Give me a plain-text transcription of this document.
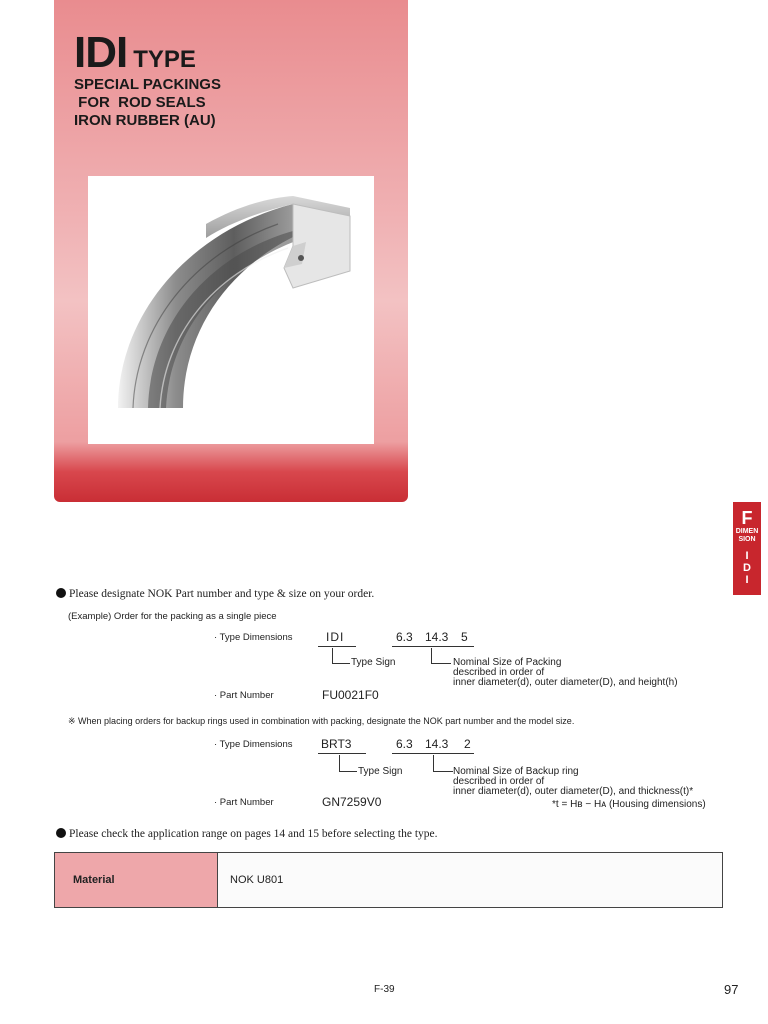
IDI TYPE
SPECIAL PACKINGS
FOR  ROD SEALS
IRON RUBBER (AU)
F
DIMEN
SION
I
D
I
Please designate NOK Part number and type & size on your order.
(Example) Order for the packing as a single piece
· Type Dimensions	IDI	6.3 14.3 5
Type Sign	Nominal Size of Packing
described in order of
inner diameter(d), outer diameter(D), and height(h)
· Part Number	FU0021F0
※ When placing orders for backup rings used in combination with packing, designate the NOK part number and the model size.
· Type Dimensions BRT3	6.3 14.3 2
Type Sign	Nominal Size of Backup ring
described in order of
inner diameter(d), outer diameter(D), and thickness(t)*
*t = Hʙ − Hᴀ (Housing dimensions)
· Part Number	GN7259V0
Please check the application range on pages 14 and 15 before selecting the type.
Material	NOK U801
F-39	97
